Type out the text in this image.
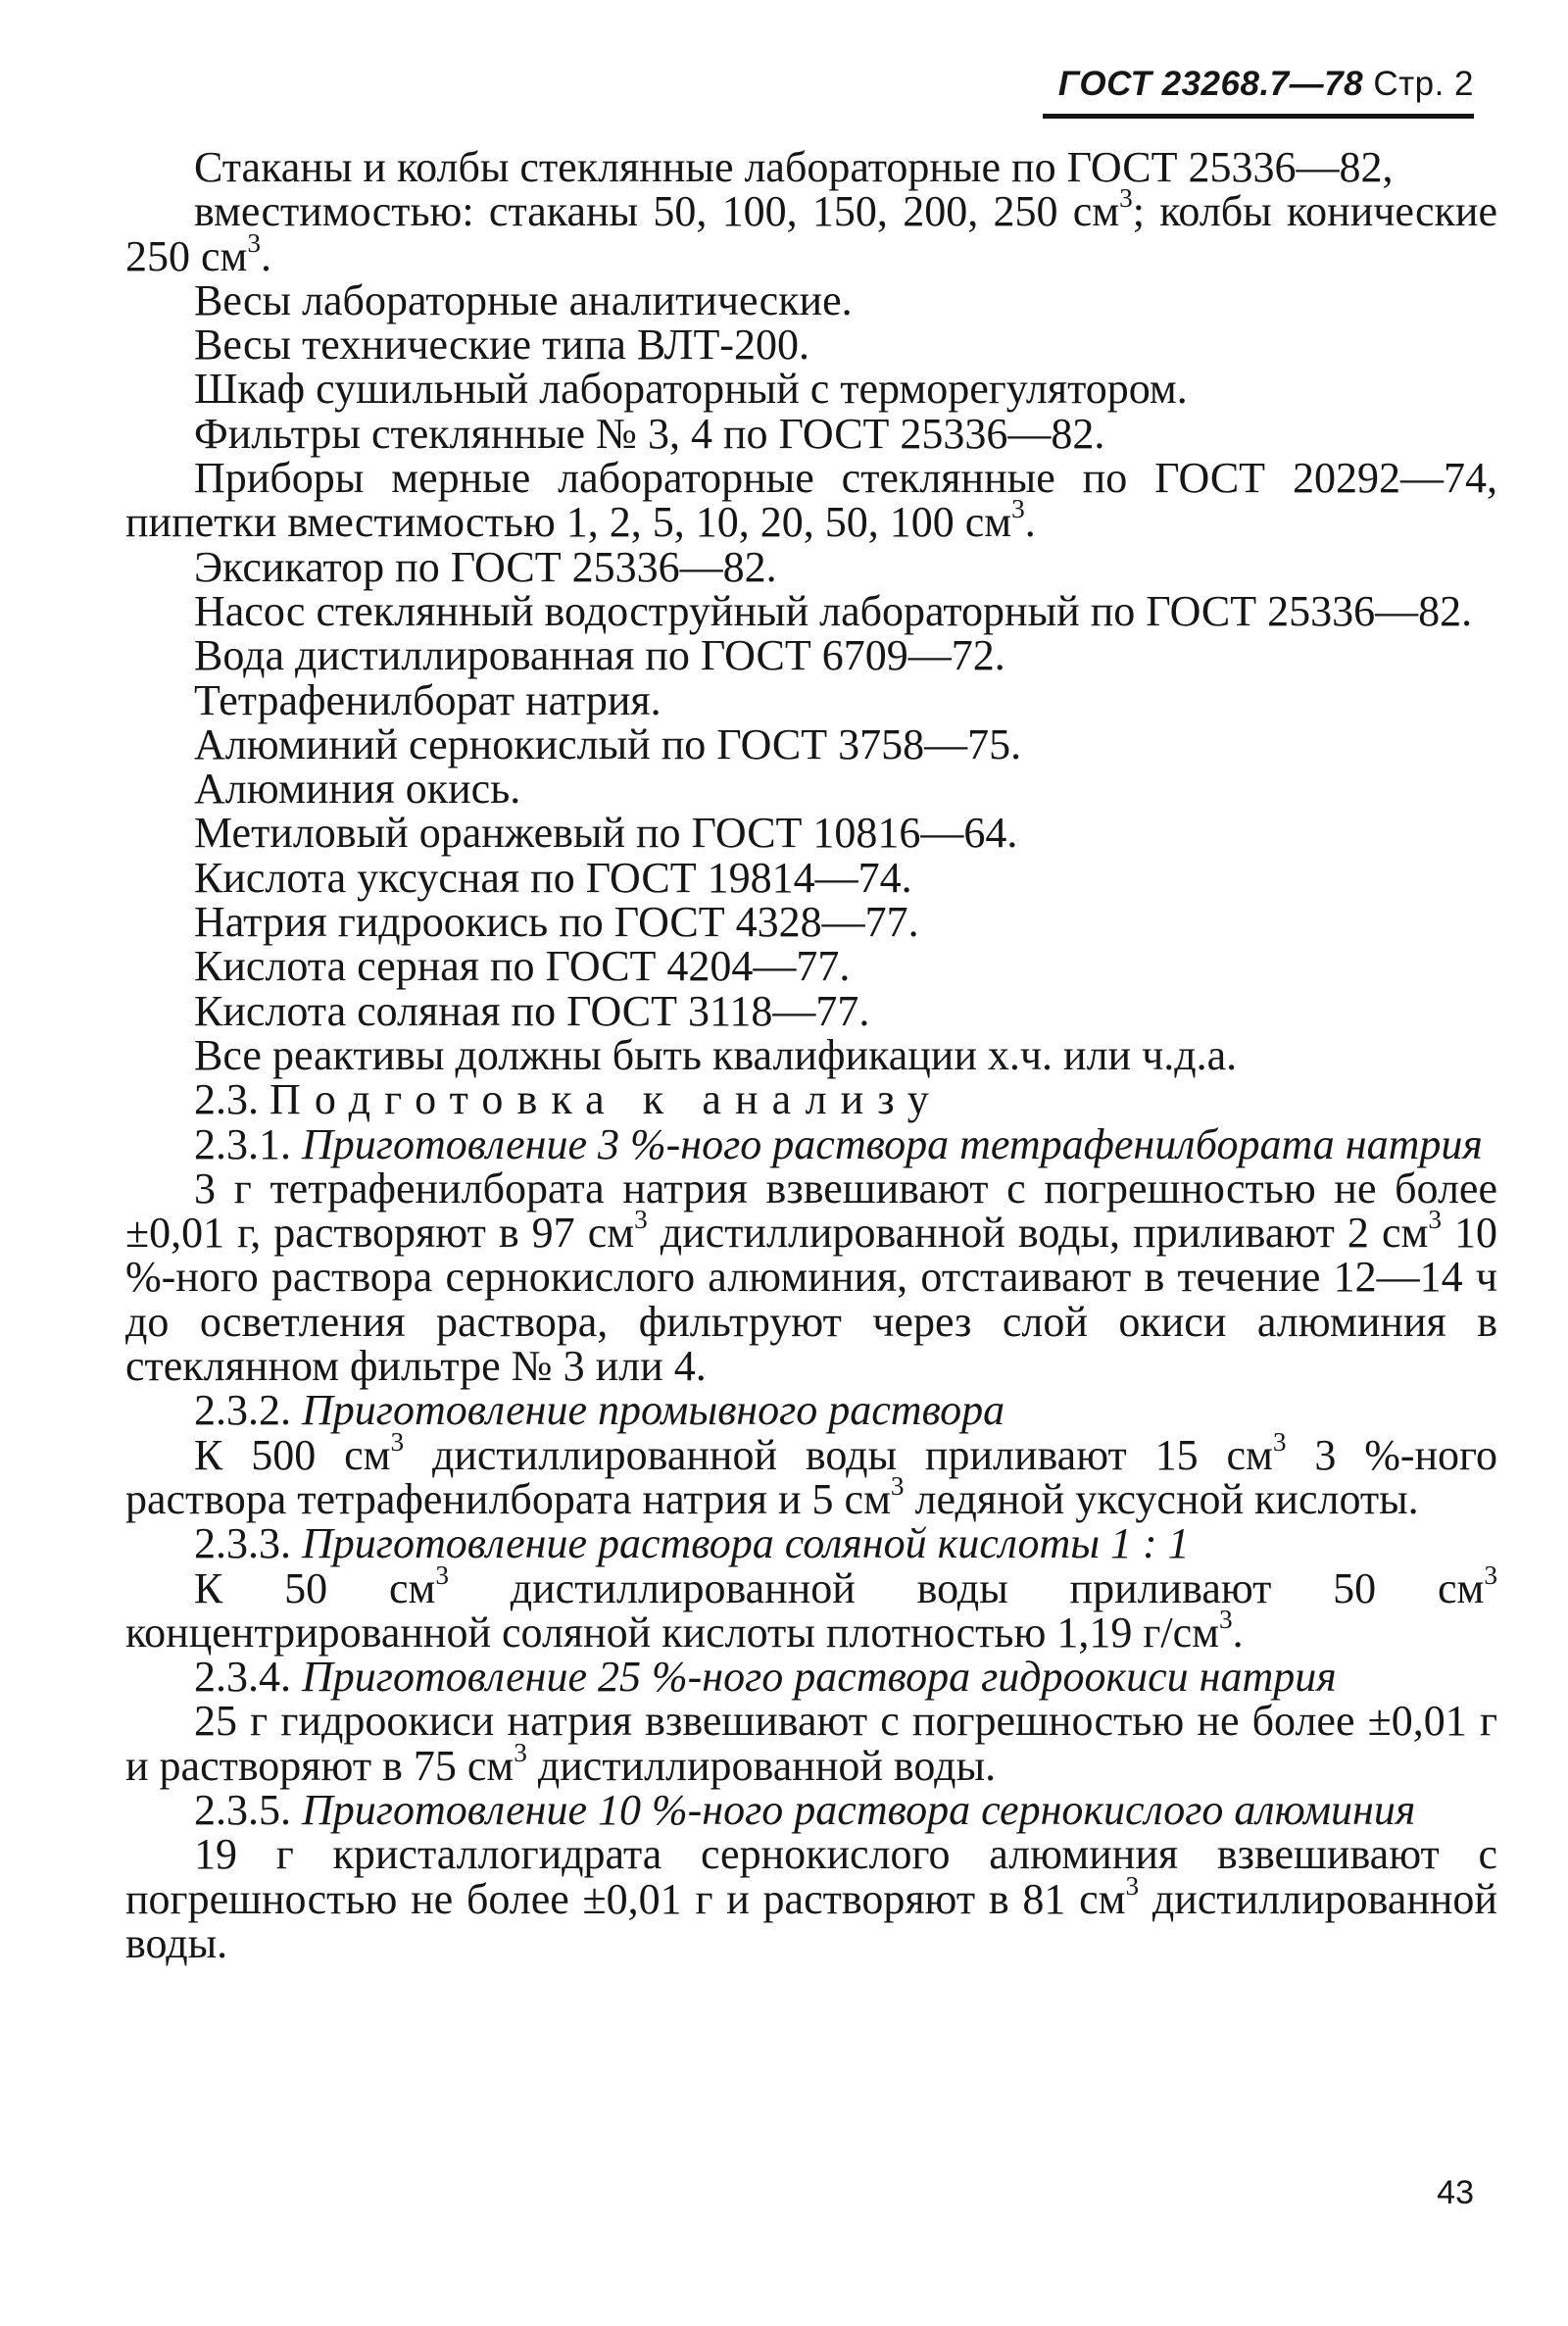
ГОСТ 23268.7—78 Стр. 2

Стаканы и колбы стеклянные лабораторные по ГОСТ 25336—82,

вместимостью: стаканы 50, 100, 150, 200, 250 $см^3$; колбы конические 250 $см^3$.

Весы лабораторные аналитические.

Весы технические типа ВЛТ-200.

Шкаф сушильный лабораторный с терморегулятором.

Фильтры стеклянные № 3, 4 по ГОСТ 25336—82.

Приборы мерные лабораторные стеклянные по ГОСТ 20292—74, пипетки вместимостью 1, 2, 5, 10, 20, 50, 100 $см^3$.

Эксикатор по ГОСТ 25336—82.

Насос стеклянный водоструйный лабораторный по ГОСТ 25336—82.

Вода дистиллированная по ГОСТ 6709—72.

Тетрафенилборат натрия.

Алюминий сернокислый по ГОСТ 3758—75.

Алюминия окись.

Метиловый оранжевый по ГОСТ 10816—64.

Кислота уксусная по ГОСТ 19814—74.

Натрия гидроокись по ГОСТ 4328—77.

Кислота серная по ГОСТ 4204—77.

Кислота соляная по ГОСТ 3118—77.

Все реактивы должны быть квалификации х.ч. или ч.д.а.

2.3. Подготовка к анализу

2.3.1. Приготовление 3 %-ного раствора тетрафенилбората натрия

3 г тетрафенилбората натрия взвешивают с погрешностью не более ±0,01 г, растворяют в 97 $см^3$ дистиллированной воды, приливают 2 $см^3$ 10 %-ного раствора сернокислого алюминия, отстаивают в течение 12—14 ч до осветления раствора, фильтруют через слой окиси алюминия в стеклянном фильтре № 3 или 4.

2.3.2. Приготовление промывного раствора

К 500 $см^3$ дистиллированной воды приливают 15 $см^3$ 3 %-ного раствора тетрафенилбората натрия и 5 $см^3$ ледяной уксусной кислоты.

2.3.3. Приготовление раствора соляной кислоты 1 : 1

К 50 $см^3$ дистиллированной воды приливают 50 $см^3$ концентрированной соляной кислоты плотностью 1,19 $г/см^3$.

2.3.4. Приготовление 25 %-ного раствора гидроокиси натрия

25 г гидроокиси натрия взвешивают с погрешностью не более ±0,01 г и растворяют в 75 $см^3$ дистиллированной воды.

2.3.5. Приготовление 10 %-ного раствора сернокислого алюминия

19 г кристаллогидрата сернокислого алюминия взвешивают с погрешностью не более ±0,01 г и растворяют в 81 $см^3$ дистиллированной воды.

43
